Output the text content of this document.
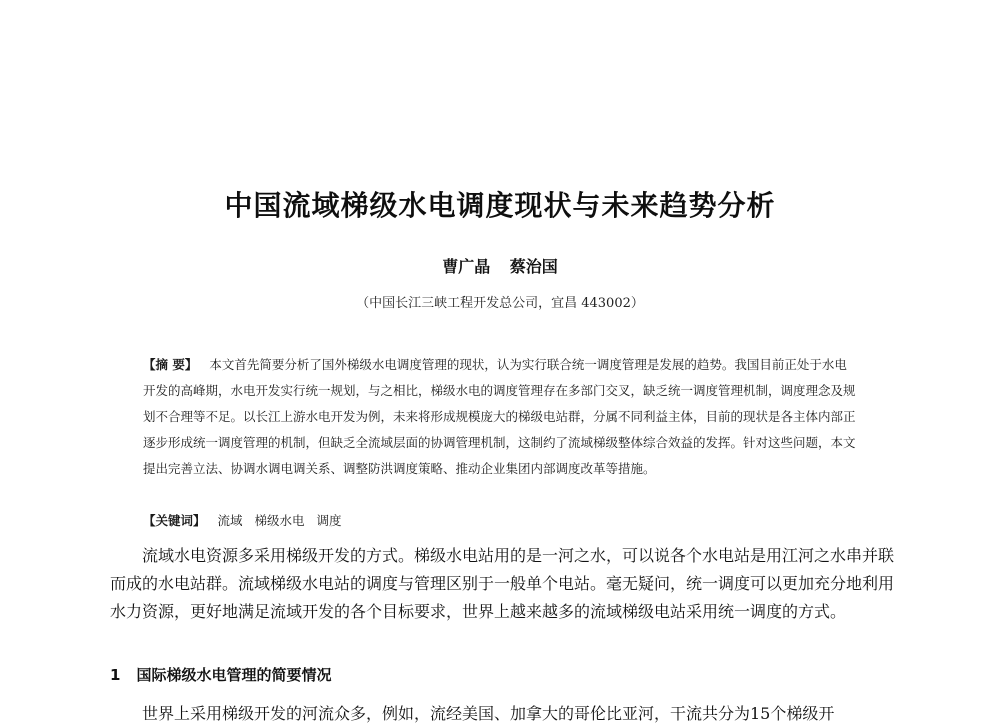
中国流域梯级水电调度现状与未来趋势分析
曹广晶 蔡治国
（中国长江三峡工程开发总公司，宜昌 443002）
【摘 要】 本文首先简要分析了国外梯级水电调度管理的现状，认为实行联合统一调度管理是发展的趋势。我国目前正处于水电开发的高峰期，水电开发实行统一规划，与之相比，梯级水电的调度管理存在多部门交叉，缺乏统一调度管理机制，调度理念及规划不合理等不足。以长江上游水电开发为例，未来将形成规模庞大的梯级电站群，分属不同利益主体，目前的现状是各主体内部正逐步形成统一调度管理的机制，但缺乏全流域层面的协调管理机制，这制约了流域梯级整体综合效益的发挥。针对这些问题，本文提出完善立法、协调水调电调关系、调整防洪调度策略、推动企业集团内部调度改革等措施。
【关键词】 流域 梯级水电 调度
流域水电资源多采用梯级开发的方式。梯级水电站用的是一河之水，可以说各个水电站是用江河之水串并联而成的水电站群。流域梯级水电站的调度与管理区别于一般单个电站。毫无疑问，统一调度可以更加充分地利用水力资源，更好地满足流域开发的各个目标要求，世界上越来越多的流域梯级电站采用统一调度的方式。
1 国际梯级水电管理的简要情况
世界上采用梯级开发的河流众多，例如，流经美国、加拿大的哥伦比亚河，干流共分为15个梯级开
